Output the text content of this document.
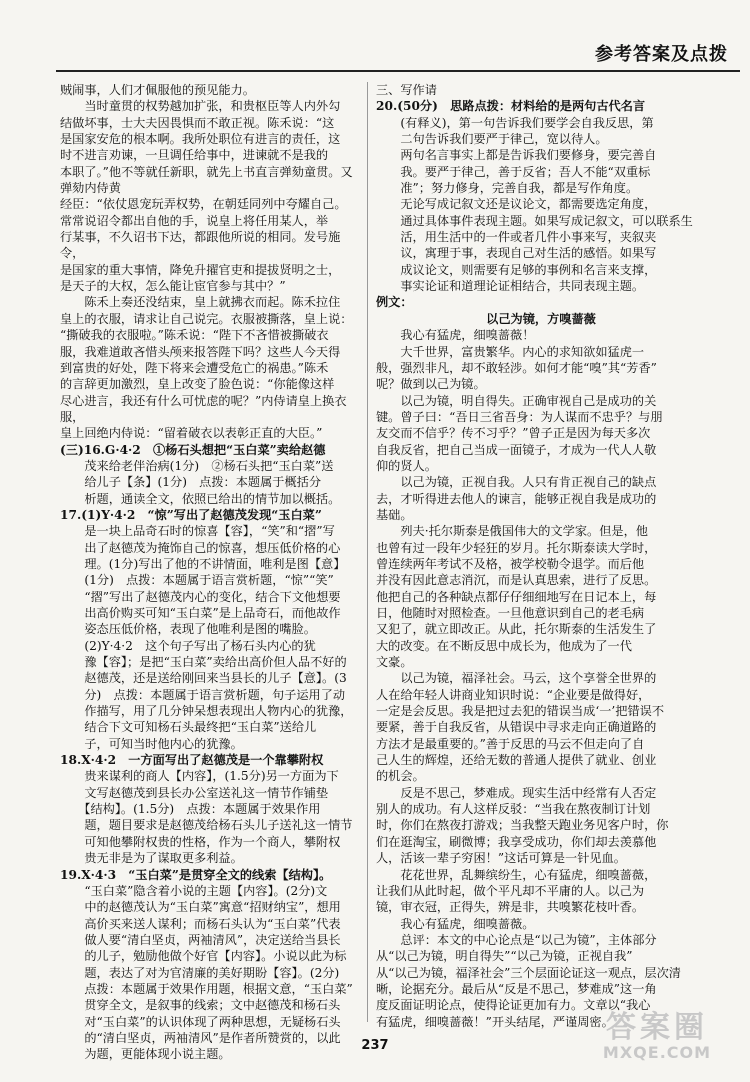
参考答案及点拨

贼闹事，人们才佩服他的预见能力。

　　当时童贯的权势越加扩张，和贵枢臣等人内外勾

结做坏事，士大夫因畏惧而不敢正视。陈禾说：“这

是国家安危的根本啊。我所处职位有进言的责任，这

时不进言劝谏，一旦调任给事中，进谏就不是我的

本职了。”他不等就任新职，就先上书直言弹劾童贯。又弹劾内侍黄

经臣：“依仗恩宠玩弄权势，在朝廷同列中夸耀自己。

常常说诏令都出自他的手，说皇上将任用某人，举

行某事，不久诏书下达，都跟他所说的相同。发号施令，

是国家的重大事情，降免升擢官吏和提拔贤明之士，

是天子的大权，怎么能让宦官参与其中？”

　　陈禾上奏还没结束，皇上就拂衣而起。陈禾拉住

皇上的衣服，请求让自己说完。衣服被撕落，皇上说：

“撕破我的衣服啦。”陈禾说：“陛下不吝惜被撕破衣

服，我难道敢吝惜头颅来报答陛下吗？这些人今天得

到富贵的好处，陛下将来会遭受危亡的祸患。”陈禾

的言辞更加激烈，皇上改变了脸色说：“你能像这样

尽心进言，我还有什么可忧虑的呢？”内侍请皇上换衣服，

皇上回绝内侍说：“留着破衣以表彰正直的大臣。”

(三)16.G·4·2　①杨石头想把“玉白菜”卖给赵德

　　茂来给老伴治病(1分)　②杨石头把“玉白菜”送

　　给儿子【条】(1分)　点拨：本题属于概括分

　　析题，通读全文，依照已给出的情节加以概括。

17.(1)Y·4·2　“惊”写出了赵德茂发现“玉白菜”

　　是一块上品奇石时的惊喜【容】，“笑”和“摺”写

　　出了赵德茂为掩饰自己的惊喜，想压低价格的心

　　理。(1分)写出了他的不讲情面，唯利是图【意】

　　(1分)　点拨：本题属于语言赏析题，“惊”“笑”

　　“摺”写出了赵德茂内心的变化，结合下文他想要

　　出高价购买可知“玉白菜”是上品奇石，而他故作

　　姿态压低价格，表现了他唯利是图的嘴脸。

　　(2)Y·4·2　这个句子写出了杨石头内心的犹

　　豫【容】；是把“玉白菜”卖给出高价但人品不好的

　　赵德茂，还是送给刚回来当县长的儿子【意】。(3

　　分)　点拨：本题属于语言赏析题，句子运用了动

　　作描写，用了几分钟呆想表现出人物内心的犹豫，

　　结合下文可知杨石头最终把“玉白菜”送给儿

　　子，可知当时他内心的犹豫。

18.X·4·2　一方面写出了赵德茂是一个靠攀附权

　　贵来谋利的商人【内容】，(1.5分)另一方面为下

　　文写赵德茂到县长办公室送礼这一情节作铺垫

　　【结构】。(1.5分)　点拨：本题属于效果作用

　　题，题目要求是赵德茂给杨石头儿子送礼这一情节

　　可知他攀附权贵的性格，作为一个商人，攀附权

　　贵无非是为了谋取更多利益。

19.X·4·3　“玉白菜”是贯穿全文的线索【结构】。

　　“玉白菜”隐含着小说的主题【内容】。(2分)文

　　中的赵德茂认为“玉白菜”寓意“招财纳宝”，想用

　　高价买来送人谋利；而杨石头认为“玉白菜”代表

　　做人要“清白坚贞，两袖清风”，决定送给当县长

　　的儿子，勉励他做个好官【内容】。小说以此为标

　　题，表达了对为官清廉的美好期盼【容】。(2分)

　　点拨：本题属于效果作用题，根据文意，“玉白菜”

　　贯穿全文，是叙事的线索；文中赵德茂和杨石头

　　对“玉白菜”的认识体现了两种思想，无疑杨石头

　　的“清白坚贞，两袖清风”是作者所赞赏的，以此

　　为题，更能体现小说主题。

三、写作请

20.(50分)　思路点拨：材料给的是两句古代名言

　　(有释义)，第一句告诉我们要学会自我反思，第

　　二句告诉我们要严于律己，宽以待人。

　　两句名言事实上都是告诉我们要修身，要完善自

　　我。要严于律己，善于反省；吾人不能“双重标

　　准”；努力修身，完善自我，都是写作角度。

　　无论写成记叙文还是议论文，都需要选定角度，

　　通过具体事件表现主题。如果写成记叙文，可以联系生

　　活，用生活中的一件或者几件小事来写，夹叙夹

　　议，寓理于事，表现自己对生活的感悟。如果写

　　成议论文，则需要有足够的事例和名言来支撑，

　　事实论证和道理论证相结合，共同表现主题。

例文：

以己为镜，方嗅蔷薇

　　我心有猛虎，细嗅蔷薇！

　　大千世界，富贵繁华。内心的求知欲如猛虎一

般，强烈非凡，却不敢轻涉。如何才能“嗅”其“芳香”

呢？做到以己为镜。

　　以己为镜，明自得失。正确审视自己是成功的关

键。曾子曰：“吾日三省吾身：为人谋而不忠乎？与朋

友交而不信乎？传不习乎？”曾子正是因为每天多次

自我反省，把自己当成一面镜子，才成为一代人人敬

仰的贤人。

　　以己为镜，正视自我。人只有肯正视自己的缺点

去，才听得进去他人的谏言，能够正视自我是成功的

基础。

　　列夫·托尔斯泰是俄国伟大的文学家。但是，他

也曾有过一段年少轻狂的岁月。托尔斯泰读大学时，

曾连续两年考试不及格，被学校勒令退学。而后他

并没有因此意志消沉，而是认真思索，进行了反思。

他把自己的各种缺点都仔仔细细地写在日记本上，每

日，他随时对照检查。一旦他意识到自己的老毛病

又犯了，就立即改正。从此，托尔斯泰的生活发生了

大的改变。在不断反思中成长为，他成为了一代

文豪。

　　以己为镜，福泽社会。马云，这个享誉全世界的

人在给年轻人讲商业知识时说：“企业要是做得好，

一定是会反思。我是把过去犯的错误当成‘一’把错误不

要紧，善于自我反省，从错误中寻求走向正确道路的

方法才是最重要的。”善于反思的马云不但走向了自

己人生的辉煌，还给无数的普通人提供了就业、创业

的机会。

　　反是不思己，梦难成。现实生活中经常有人否定

别人的成功。有人这样反驳：“当我在熬夜制订计划

时，你们在熬夜打游戏；当我整天跑业务见客户时，你

们在逛淘宝，刷微博；我享受成功，你们却去羡慕他

人，活该一辈子穷困！”这话可算是一针见血。

　　花花世界，乱舞缤纷生，心有猛虎，细嗅蔷薇，

让我们从此时起，做个平凡却不平庸的人。以己为

镜，审衣冠，正得失，辨是非，共嗅繁花枝叶香。

　　我心有猛虎，细嗅蔷薇。

　　总评：本文的中心论点是“以己为镜”，主体部分

从“以己为镜，明自得失”“以己为镜，正视自我”

从“以己为镜，福泽社会”三个层面论证这一观点，层次清

晰，论据充分。最后从“反是不思己，梦难成”这一角

度反面证明论点，使得论证更加有力。文章以“我心

有猛虎，细嗅蔷薇！”开头结尾，严谨周密。

237
答案圈
MXQE.COM
